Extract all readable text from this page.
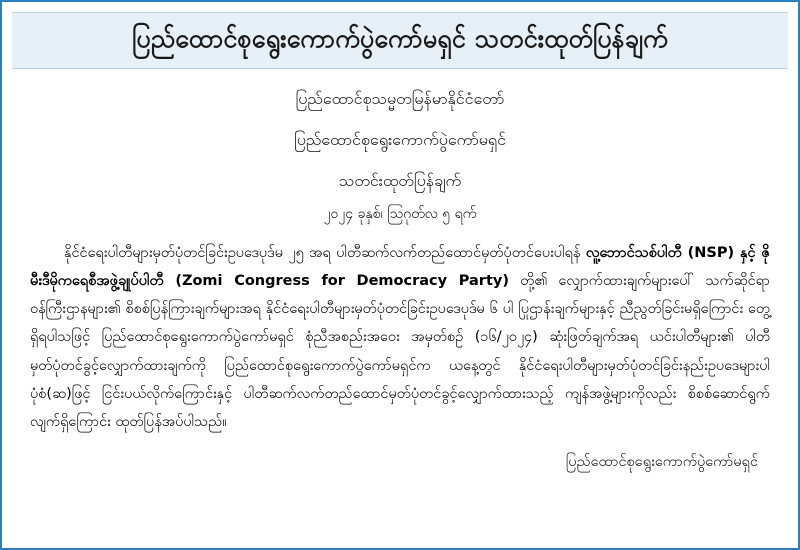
ပြည်‌ထောင်စုရွေးကောက်ပွဲကော်မရှင် သတင်းထုတ်ပြန်ချက်
ပြည်ထောင်စုသမ္မတမြန်မာနိုင်ငံတော်
ပြည်ထောင်စုရွေးကောက်ပွဲကော်မရှင်
သတင်းထုတ်ပြန်ချက်
၂၀၂၄ ခုနှစ်၊ ဩဂုတ်လ ၅ ရက်

နိုင်ငံရေးပါတီများမှတ်ပုံတင်ခြင်းဥပဒေပုဒ်မ ၂၅ အရ ပါတီဆက်လက်တည်ထောင်မှတ်ပုံတင်ပေးပါရန် လူ့ဘောင်သစ်ပါတီ (NSP) နှင့် ဇိုမီးဒီမိုကရေစီအဖွဲ့ချုပ်ပါတီ (Zomi Congress for Democracy Party) တို့၏ လျှောက်ထားချက်များပေါ် သက်ဆိုင်ရာဝန်ကြီးဌာနများ၏ စိစစ်ပြန်ကြားချက်များအရ နိုင်ငံရေးပါတီများမှတ်ပုံတင်ခြင်းဥပဒေပုဒ်မ ၆ ပါ ပြုဌာန်းချက်များနှင့် ညီညွတ်ခြင်းမရှိကြောင်း တွေ့ရှိရပါသဖြင့် ပြည်ထောင်စုရွေးကောက်ပွဲကော်မရှင် စုံညီအစည်းအဝေး အမှတ်စဉ် (၁၆/၂၀၂၄) ဆုံးဖြတ်ချက်အရ ယင်းပါတီများ၏ ပါတီမှတ်ပုံတင်ခွင့်လျှောက်ထားချက်ကို ပြည်ထောင်စုရွေးကောက်ပွဲကော်မရှင်က ယနေ့တွင် နိုင်ငံရေးပါတီများမှတ်ပုံတင်ခြင်းနည်းဥပဒေများပါ ပုံစံ(ဆ)ဖြင့် ငြင်းပယ်လိုက်ကြောင်းနှင့် ပါတီဆက်လက်တည်ထောင်မှတ်ပုံတင်ခွင့်လျှောက်ထားသည့် ကျန်အဖွဲ့များကိုလည်း စိစစ်ဆောင်ရွက်လျက်ရှိကြောင်း ထုတ်ပြန်အပ်ပါသည်။

ပြည်ထောင်စုရွေးကောက်ပွဲကော်မရှင်
